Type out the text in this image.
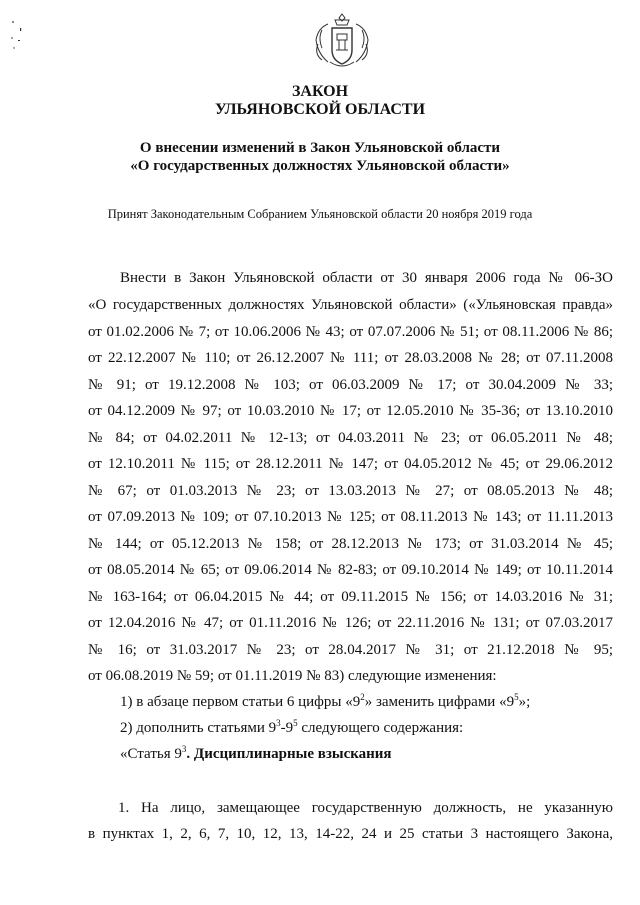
ЗАКОН
УЛЬЯНОВСКОЙ ОБЛАСТИ
О внесении изменений в Закон Ульяновской области
«О государственных должностях Ульяновской области»
Принят Законодательным Собранием Ульяновской области 20 ноября 2019 года
Внести в Закон Ульяновской области от 30 января 2006 года № 06-ЗО
«О государственных должностях Ульяновской области» («Ульяновская правда»
от 01.02.2006 № 7; от 10.06.2006 № 43; от 07.07.2006 № 51; от 08.11.2006 № 86;
от 22.12.2007 № 110; от 26.12.2007 № 111; от 28.03.2008 № 28; от 07.11.2008
№ 91; от 19.12.2008 № 103; от 06.03.2009 № 17; от 30.04.2009 № 33;
от 04.12.2009 № 97; от 10.03.2010 № 17; от 12.05.2010 № 35-36; от 13.10.2010
№ 84; от 04.02.2011 № 12-13; от 04.03.2011 № 23; от 06.05.2011 № 48;
от 12.10.2011 № 115; от 28.12.2011 № 147; от 04.05.2012 № 45; от 29.06.2012
№ 67; от 01.03.2013 № 23; от 13.03.2013 № 27; от 08.05.2013 № 48;
от 07.09.2013 № 109; от 07.10.2013 № 125; от 08.11.2013 № 143; от 11.11.2013
№ 144; от 05.12.2013 № 158; от 28.12.2013 № 173; от 31.03.2014 № 45;
от 08.05.2014 № 65; от 09.06.2014 № 82-83; от 09.10.2014 № 149; от 10.11.2014
№ 163-164; от 06.04.2015 № 44; от 09.11.2015 № 156; от 14.03.2016 № 31;
от 12.04.2016 № 47; от 01.11.2016 № 126; от 22.11.2016 № 131; от 07.03.2017
№ 16; от 31.03.2017 № 23; от 28.04.2017 № 31; от 21.12.2018 № 95;
от 06.08.2019 № 59; от 01.11.2019 № 83) следующие изменения:
1) в абзаце первом статьи 6 цифры «$9^2$» заменить цифрами «$9^5$»;
2) дополнить статьями $9^3-9^5$ следующего содержания:
«Статья $9^3$. Дисциплинарные взыскания
1. На лицо, замещающее государственную должность, не указанную
в пунктах 1, 2, 6, 7, 10, 12, 13, 14-22, 24 и 25 статьи 3 настоящего Закона,
